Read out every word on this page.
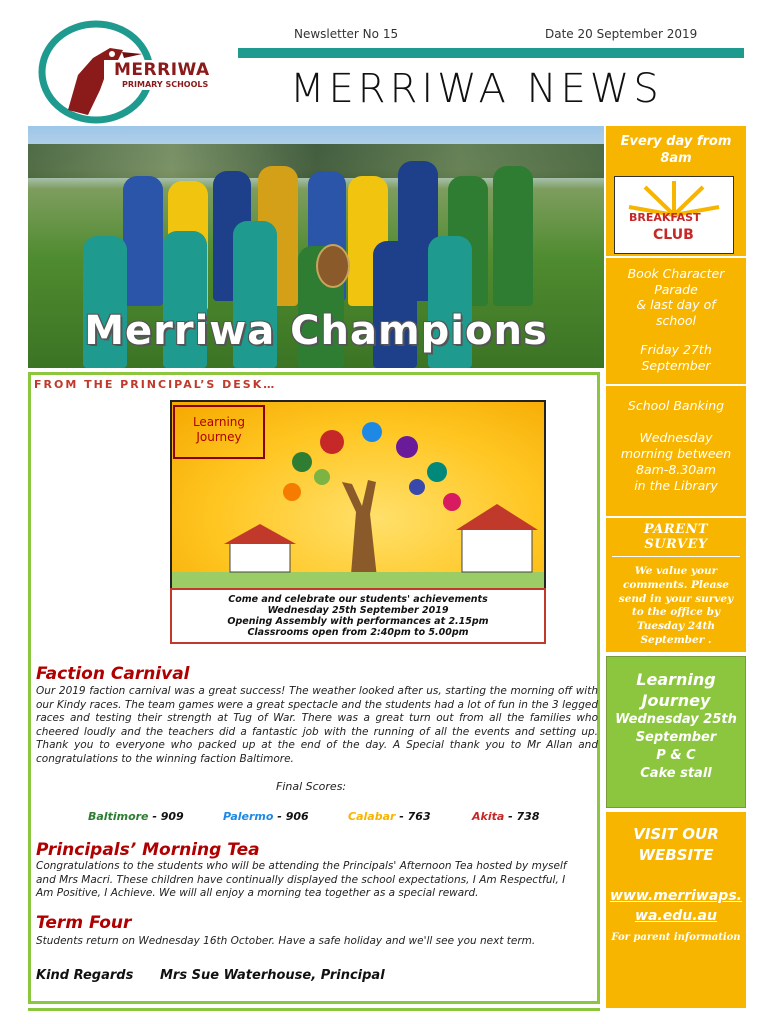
MERRIWA
PRIMARY SCHOOLS
Newsletter No 15	Date 20 September 2019
MERRIWA NEWS
Merriwa Champions
FROM THE PRINCIPAL’S DESK…
Learning
Journey
Come and celebrate our students' achievements
Wednesday 25th September 2019
Opening Assembly with performances at 2.15pm
Classrooms open from 2:40pm to 5.00pm
Faction Carnival
Our 2019 faction carnival was a great success! The weather looked after us, starting the morning off with our Kindy races. The team games were a great spectacle and the students had a lot of fun in the 3 legged races and testing their strength at Tug of War. There was a great turn out from all the families who cheered loudly and the teachers did a fantastic job with the running of all the events and setting up. Thank you to everyone who packed up at the end of the day. A Special thank you to Mr Allan and congratulations to the winning faction Baltimore.
Final Scores:
Baltimore - 909	Palermo - 906	Calabar - 763	Akita - 738
Principals’ Morning Tea
Congratulations to the students who will be attending the Principals' Afternoon Tea hosted by myself and Mrs Macri. These children have continually displayed the school expectations, I Am Respectful, I Am Positive, I Achieve. We will all enjoy a morning tea together as a special reward.
Term Four
Students return on Wednesday 16th October. Have a safe holiday and we'll see you next term.
Kind Regards Mrs Sue Waterhouse, Principal
Every day from
8am
BREAKFAST
CLUB
Book Character
Parade
& last day of
school
Friday 27th
September
School Banking
Wednesday
morning between
8am-8.30am
in the Library
PARENT SURVEY
We value your comments. Please send in your survey to the office by Tuesday 24th September .
Learning
Journey
Wednesday 25th
September
P & C
Cake stall
VISIT OUR
WEBSITE
www.merriwaps.
wa.edu.au
For parent information
